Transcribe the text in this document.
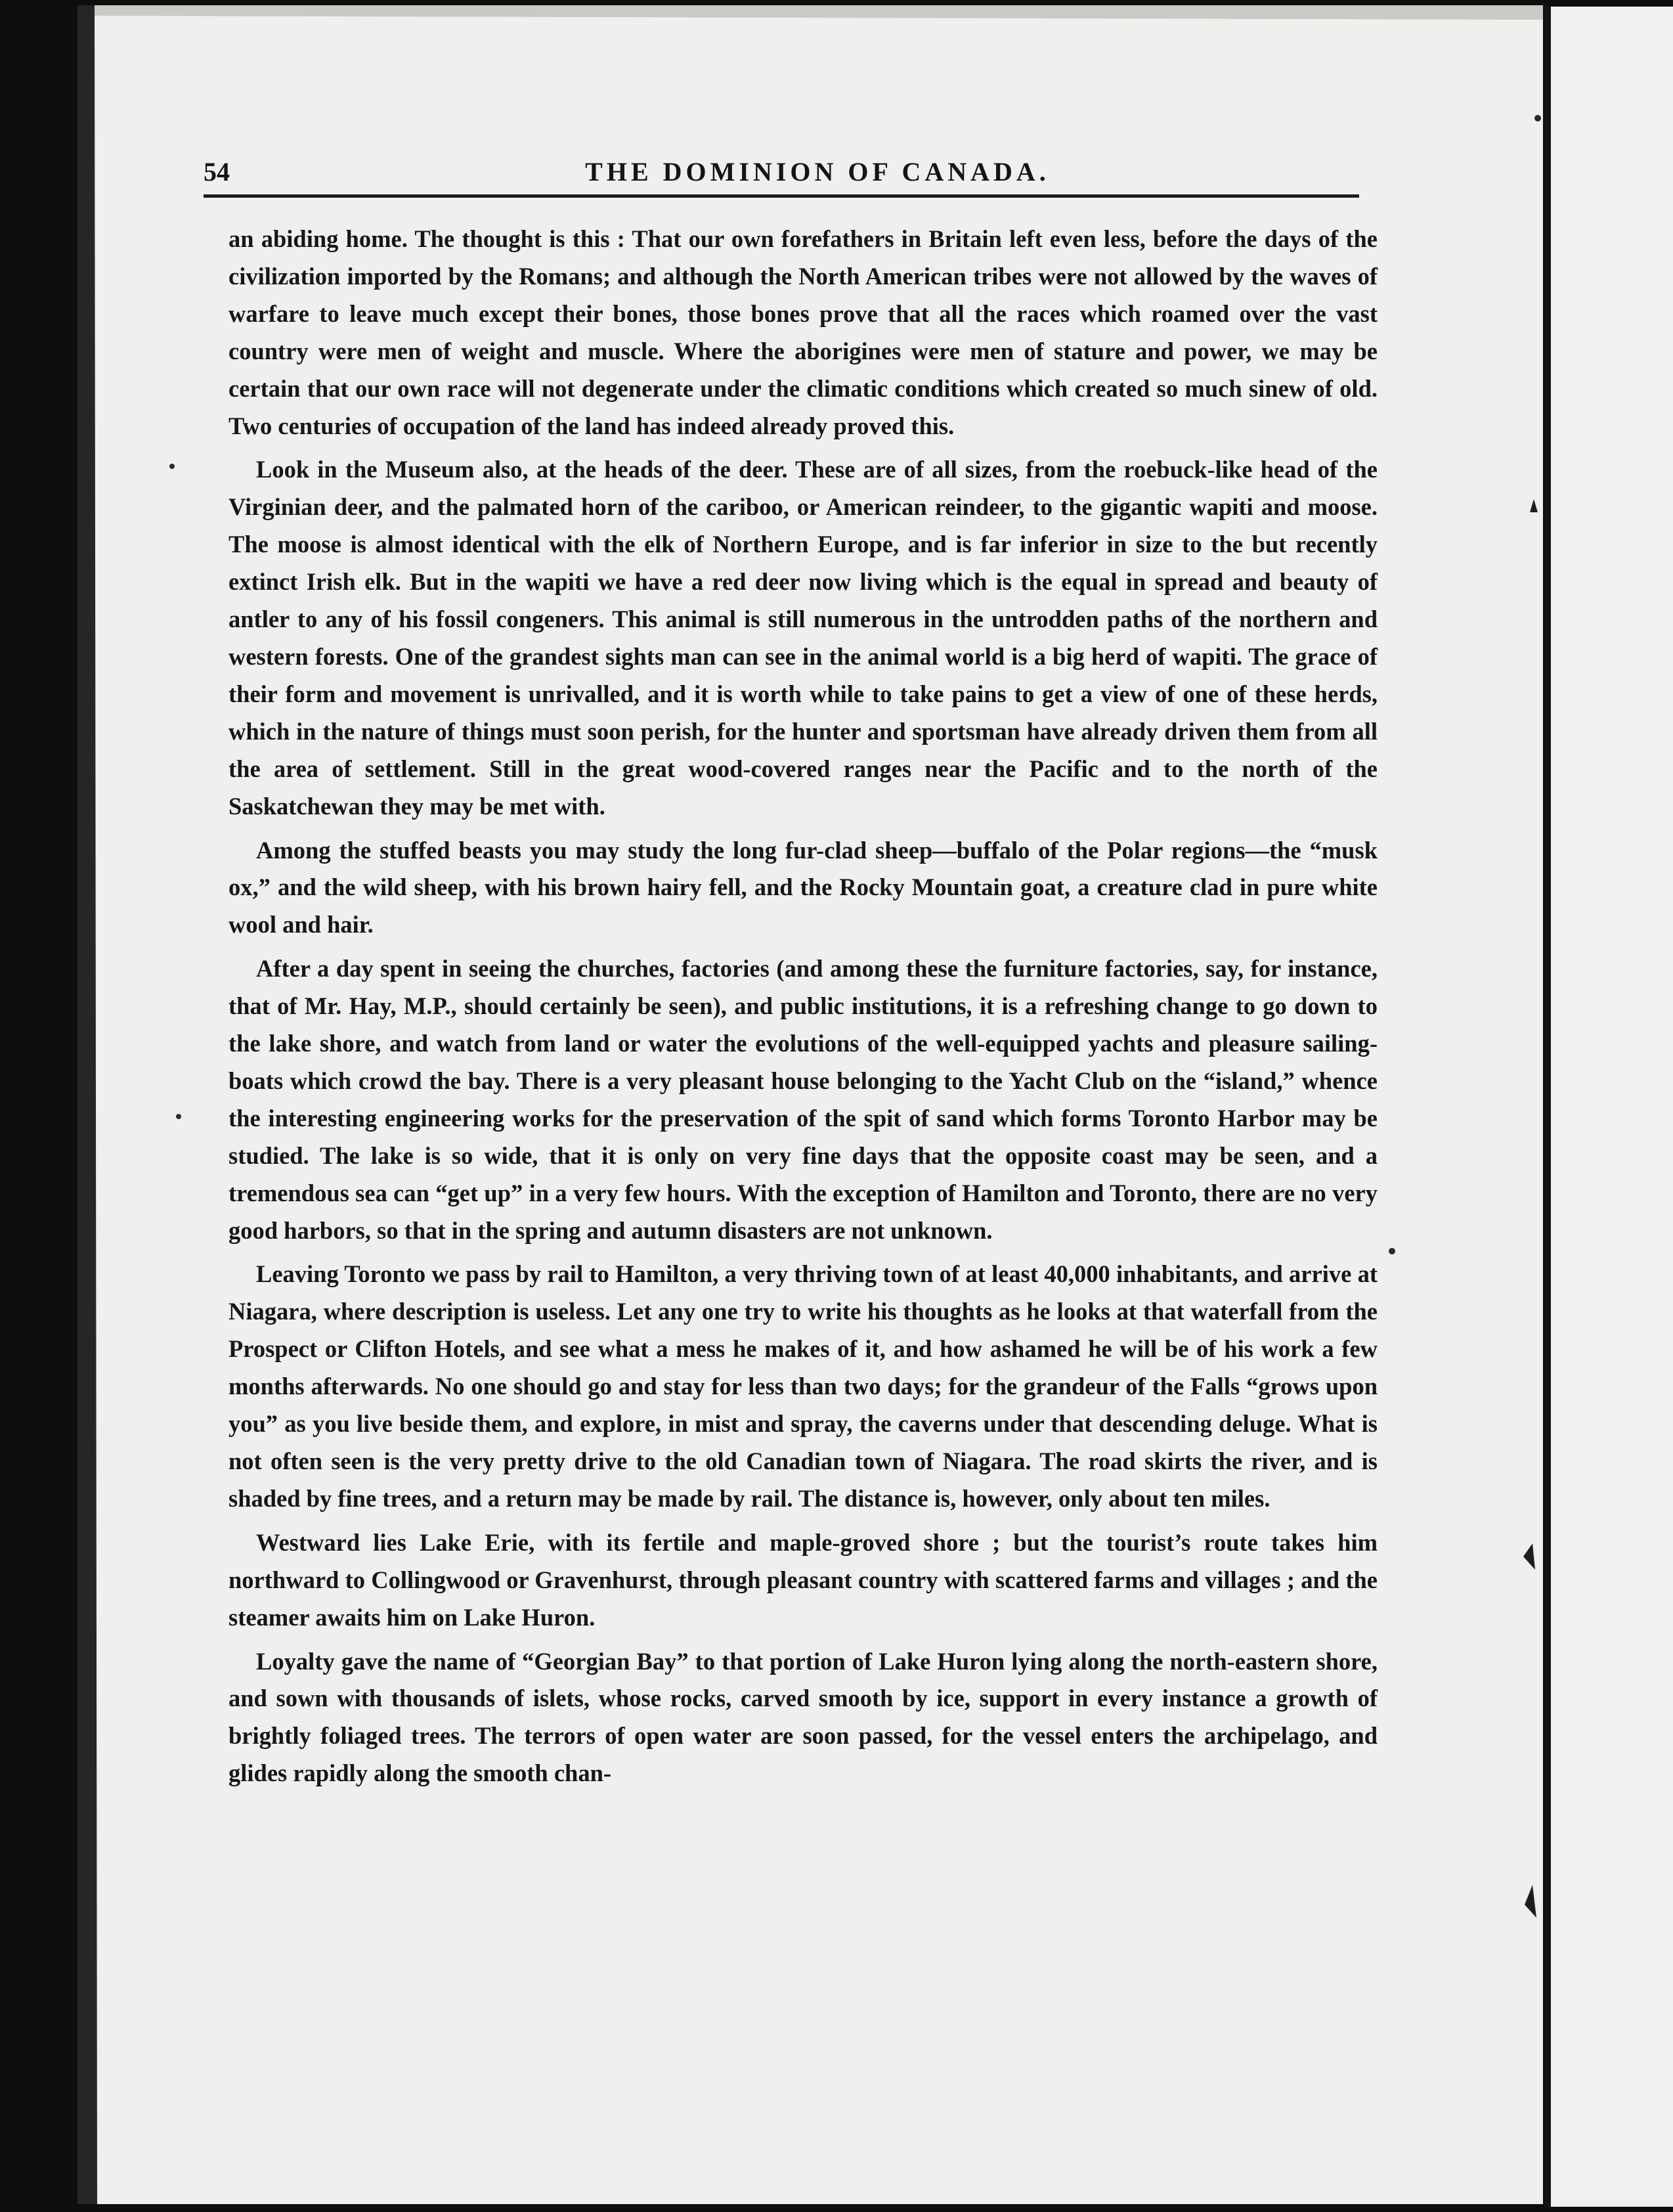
54	THE DOMINION OF CANADA.

an abiding home. The thought is this : That our own forefathers in Britain left even less, before the days of the civilization imported by the Romans; and although the North American tribes were not allowed by the waves of warfare to leave much except their bones, those bones prove that all the races which roamed over the vast country were men of weight and muscle. Where the aborigines were men of stature and power, we may be certain that our own race will not degenerate under the climatic conditions which created so much sinew of old. Two centuries of occupation of the land has indeed already proved this.

Look in the Museum also, at the heads of the deer. These are of all sizes, from the roebuck-like head of the Virginian deer, and the palmated horn of the cariboo, or American reindeer, to the gigantic wapiti and moose. The moose is almost identical with the elk of Northern Europe, and is far inferior in size to the but recently extinct Irish elk. But in the wapiti we have a red deer now living which is the equal in spread and beauty of antler to any of his fossil congeners. This animal is still numerous in the untrodden paths of the northern and western forests. One of the grandest sights man can see in the animal world is a big herd of wapiti. The grace of their form and movement is unrivalled, and it is worth while to take pains to get a view of one of these herds, which in the nature of things must soon perish, for the hunter and sportsman have already driven them from all the area of settlement. Still in the great wood-covered ranges near the Pacific and to the north of the Saskatchewan they may be met with.

Among the stuffed beasts you may study the long fur-clad sheep—buffalo of the Polar regions—the “musk ox,” and the wild sheep, with his brown hairy fell, and the Rocky Mountain goat, a creature clad in pure white wool and hair.

After a day spent in seeing the churches, factories (and among these the furniture factories, say, for instance, that of Mr. Hay, M.P., should certainly be seen), and public institutions, it is a refreshing change to go down to the lake shore, and watch from land or water the evolutions of the well-equipped yachts and pleasure sailing-boats which crowd the bay. There is a very pleasant house belonging to the Yacht Club on the “island,” whence the interesting engineering works for the preservation of the spit of sand which forms Toronto Harbor may be studied. The lake is so wide, that it is only on very fine days that the opposite coast may be seen, and a tremendous sea can “get up” in a very few hours. With the exception of Hamilton and Toronto, there are no very good harbors, so that in the spring and autumn disasters are not unknown.

Leaving Toronto we pass by rail to Hamilton, a very thriving town of at least 40,000 inhabitants, and arrive at Niagara, where description is useless. Let any one try to write his thoughts as he looks at that waterfall from the Prospect or Clifton Hotels, and see what a mess he makes of it, and how ashamed he will be of his work a few months afterwards. No one should go and stay for less than two days; for the grandeur of the Falls “grows upon you” as you live beside them, and explore, in mist and spray, the caverns under that descending deluge. What is not often seen is the very pretty drive to the old Canadian town of Niagara. The road skirts the river, and is shaded by fine trees, and a return may be made by rail. The distance is, however, only about ten miles.

Westward lies Lake Erie, with its fertile and maple-groved shore ; but the tourist’s route takes him northward to Collingwood or Gravenhurst, through pleasant country with scattered farms and villages ; and the steamer awaits him on Lake Huron.

Loyalty gave the name of “Georgian Bay” to that portion of Lake Huron lying along the north-eastern shore, and sown with thousands of islets, whose rocks, carved smooth by ice, support in every instance a growth of brightly foliaged trees. The terrors of open water are soon passed, for the vessel enters the archipelago, and glides rapidly along the smooth chan-
